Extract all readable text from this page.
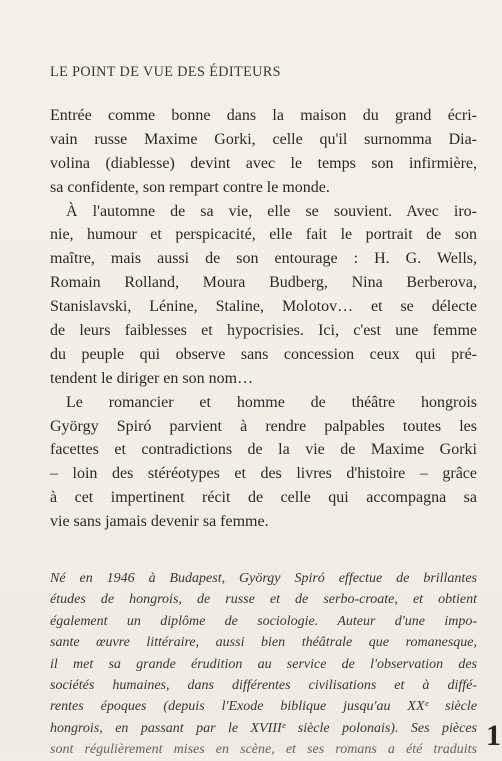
LE POINT DE VUE DES ÉDITEURS
Entrée comme bonne dans la maison du grand écri-
vain russe Maxime Gorki, celle qu'il surnomma Dia-
volina (diablesse) devint avec le temps son infirmière,
sa confidente, son rempart contre le monde.
À l'automne de sa vie, elle se souvient. Avec iro-
nie, humour et perspicacité, elle fait le portrait de son
maître, mais aussi de son entourage : H. G. Wells,
Romain Rolland, Moura Budberg, Nina Berberova,
Stanislavski, Lénine, Staline, Molotov… et se délecte
de leurs faiblesses et hypocrisies. Ici, c'est une femme
du peuple qui observe sans concession ceux qui pré-
tendent le diriger en son nom…
Le romancier et homme de théâtre hongrois
György Spiró parvient à rendre palpables toutes les
facettes et contradictions de la vie de Maxime Gorki
– loin des stéréotypes et des livres d'histoire – grâce
à cet impertinent récit de celle qui accompagna sa
vie sans jamais devenir sa femme.
Né en 1946 à Budapest, György Spiró effectue de brillantes
études de hongrois, de russe et de serbo-croate, et obtient
également un diplôme de sociologie. Auteur d'une impo-
sante œuvre littéraire, aussi bien théâtrale que romanesque,
il met sa grande érudition au service de l'observation des
sociétés humaines, dans différentes civilisations et à diffé-
rentes époques (depuis l'Exode biblique jusqu'au XXᵉ siècle
hongrois, en passant par le XVIIIᵉ siècle polonais). Ses pièces
sont régulièrement mises en scène, et ses romans a été traduits 1
